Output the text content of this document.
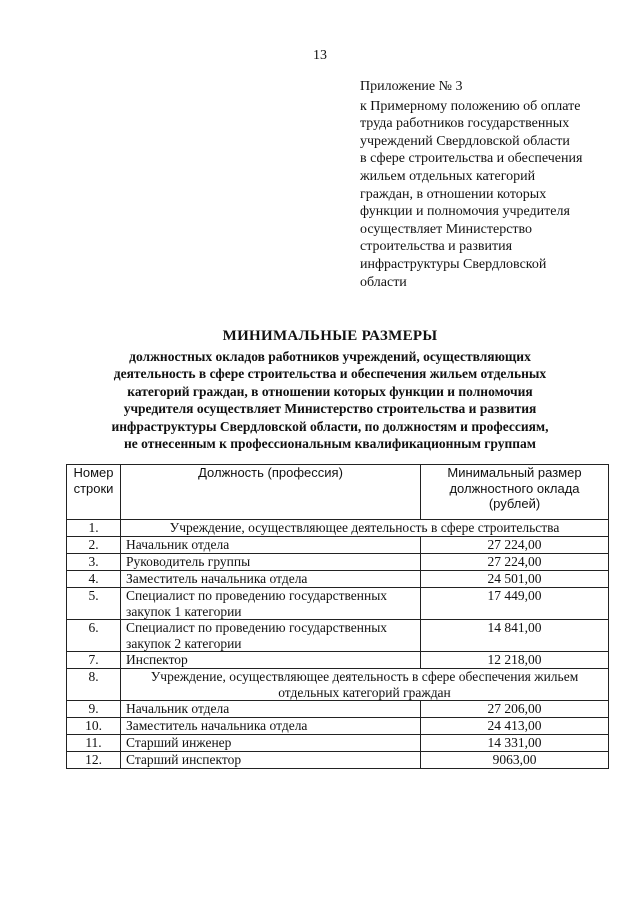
13
Приложение № 3
к Примерному положению об оплате
труда работников государственных
учреждений Свердловской области
в сфере строительства и обеспечения
жильем отдельных категорий
граждан, в отношении которых
функции и полномочия учредителя
осуществляет Министерство
строительства и развития
инфраструктуры Свердловской
области
МИНИМАЛЬНЫЕ РАЗМЕРЫ
должностных окладов работников учреждений, осуществляющих
деятельность в сфере строительства и обеспечения жильем отдельных
категорий граждан, в отношении которых функции и полномочия
учредителя осуществляет Министерство строительства и развития
инфраструктуры Свердловской области, по должностям и профессиям,
не отнесенным к профессиональным квалификационным группам
Номер строки	Должность (профессия)	Минимальный размер должностного оклада (рублей)
1.	Учреждение, осуществляющее деятельность в сфере строительства	
2.	Начальник отдела	27 224,00
3.	Руководитель группы	27 224,00
4.	Заместитель начальника отдела	24 501,00
5.	Специалист по проведению государственных закупок 1 категории	17 449,00
6.	Специалист по проведению государственных закупок 2 категории	14 841,00
7.	Инспектор	12 218,00
8.	Учреждение, осуществляющее деятельность в сфере обеспечения жильем отдельных категорий граждан	
9.	Начальник отдела	27 206,00
10.	Заместитель начальника отдела	24 413,00
11.	Старший инженер	14 331,00
12.	Старший инспектор	9063,00
